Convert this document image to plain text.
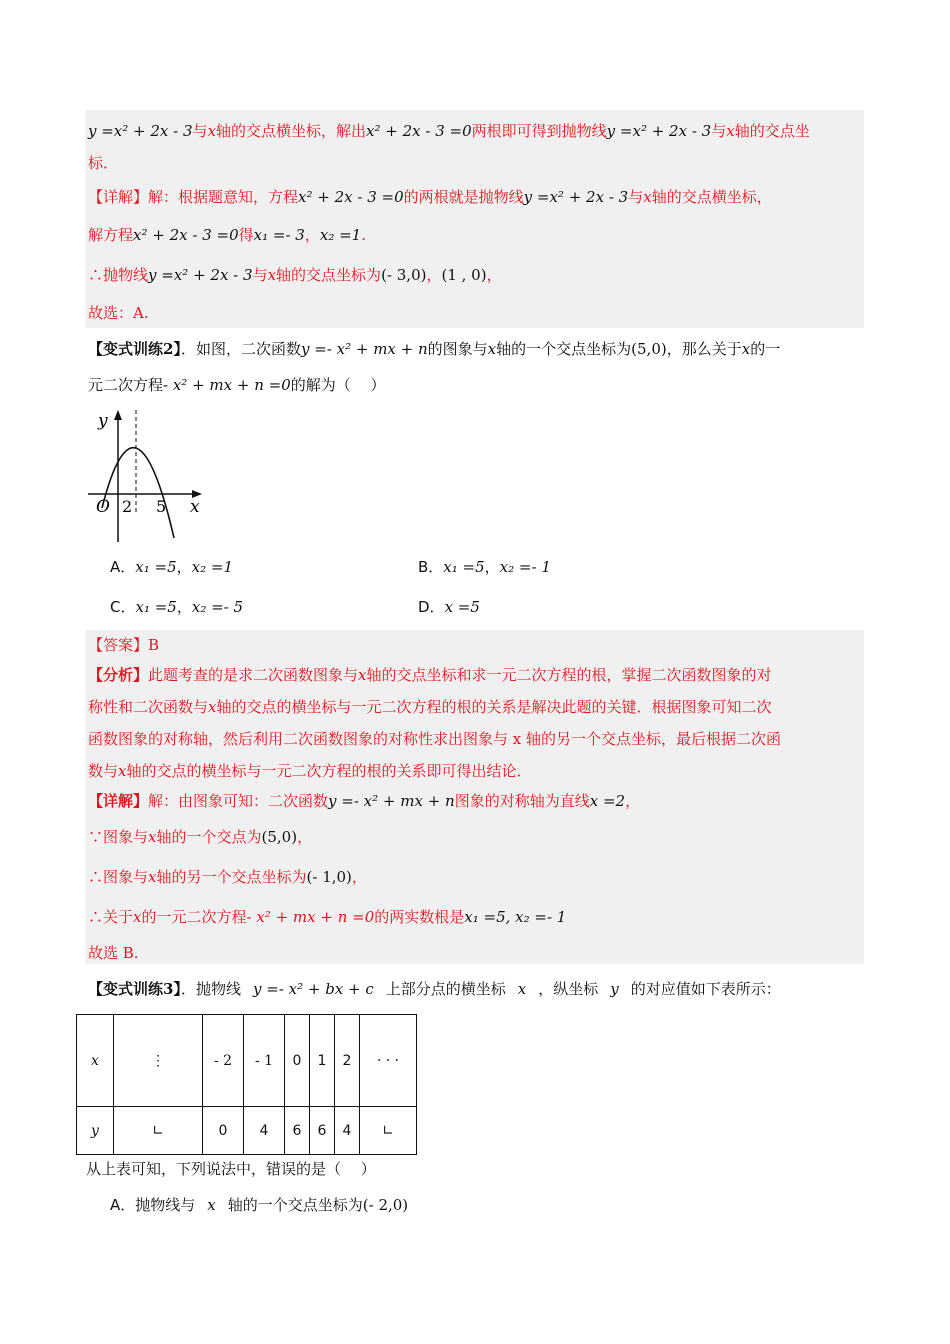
y =x² + 2x - 3与x轴的交点横坐标，解出x² + 2x - 3 =0两根即可得到抛物线y =x² + 2x - 3与x轴的交点坐
标．
【详解】解：根据题意知，方程x² + 2x - 3 =0的两根就是抛物线y =x² + 2x - 3与x轴的交点横坐标，
解方程x² + 2x - 3 =0得x₁ =- 3，x₂ =1.
∴抛物线y =x² + 2x - 3与x轴的交点坐标为(- 3,0)，(1 , 0)，
故选：A.
【变式训练2】．如图，二次函数y =- x² + mx + n的图象与x轴的一个交点坐标为(5,0)，那么关于x的一
元二次方程- x² + mx + n =0的解为（　 ）
y
x
O 2 5
A．x₁ =5，x₂ =1	B．x₁ =5，x₂ =- 1
C．x₁ =5，x₂ =- 5	D．x =5
【答案】B
【分析】此题考查的是求二次函数图象与x轴的交点坐标和求一元二次方程的根，掌握二次函数图象的对
称性和二次函数与x轴的交点的横坐标与一元二次方程的根的关系是解决此题的关键．根据图象可知二次
函数图象的对称轴，然后利用二次函数图象的对称性求出图象与 x 轴的另一个交点坐标，最后根据二次函
数与x轴的交点的横坐标与一元二次方程的根的关系即可得出结论．
【详解】解：由图象可知：二次函数y =- x² + mx + n图象的对称轴为直线x =2，
∵图象与x轴的一个交点为(5,0)，
∴图象与x轴的另一个交点坐标为(- 1,0)，
∴关于x的一元二次方程- x² + mx + n =0的两实数根是x₁ =5, x₂ =- 1
故选 B.
【变式训练3】．抛物线 y =- x² + bx + c 上部分点的横坐标 x ，纵坐标 y 的对应值如下表所示：
x	⋮	- 2	- 1	0	1	2	· · ·
y	∟	0	4	6	6	4	∟
从上表可知，下列说法中，错误的是（　 ）
A．抛物线与 x 轴的一个交点坐标为(- 2,0)
